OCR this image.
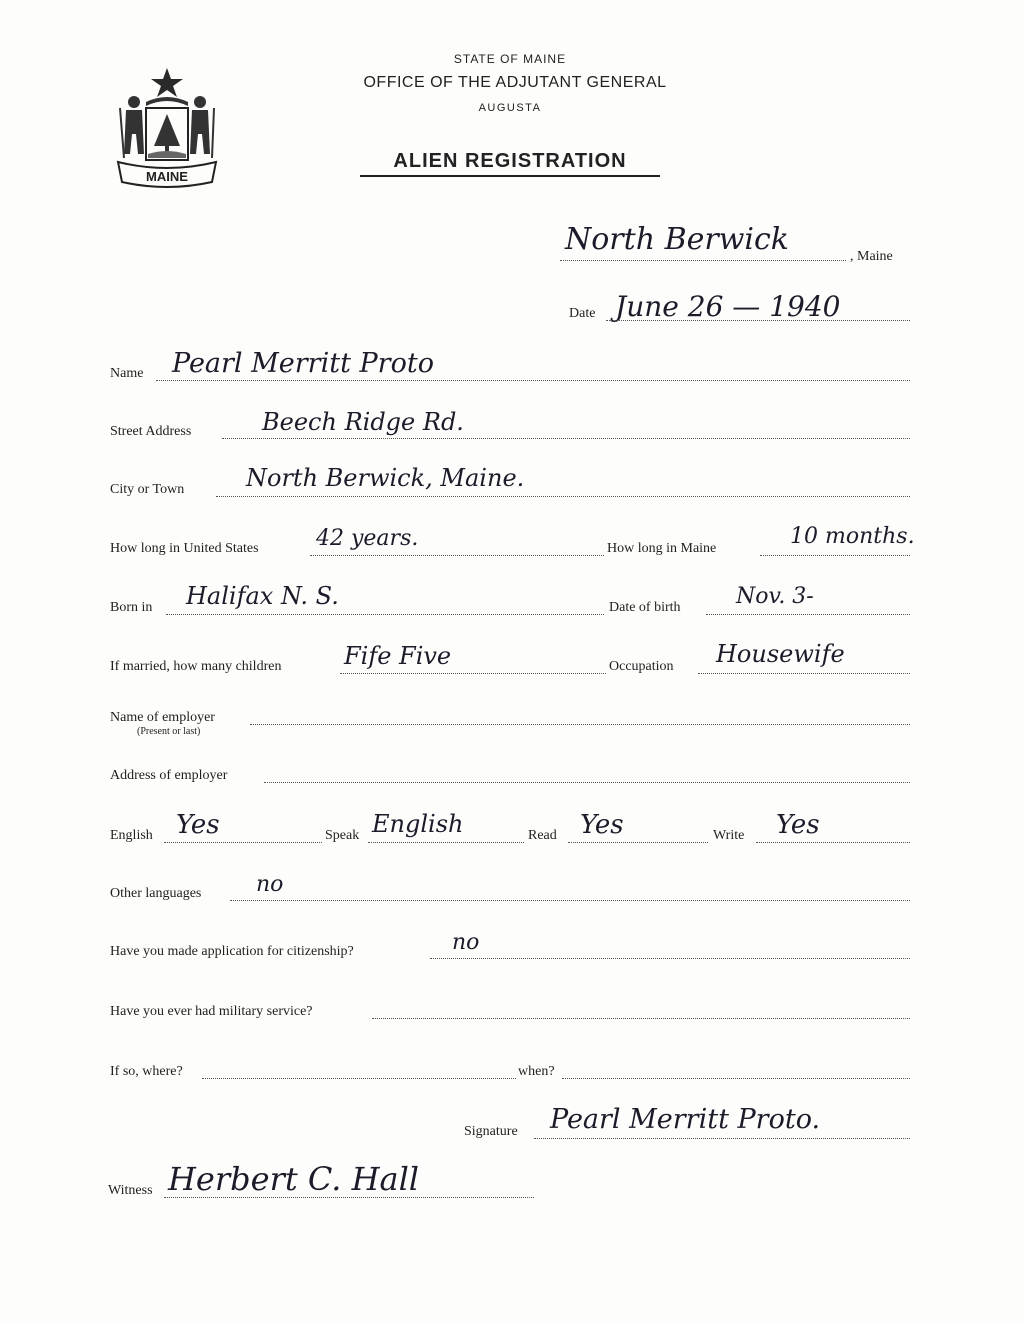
MAINE
STATE OF MAINE
OFFICE OF THE ADJUTANT GENERAL
AUGUSTA
ALIEN REGISTRATION
North Berwick	, Maine
Date June 26 — 1940
Name Pearl Merritt Proto
Street Address	Beech Ridge Rd.
City or Town	North Berwick, Maine.
How long in United States	42 years.	How long in Maine	10 months.
Born in Halifax N. S.	Date of birth	Nov. 3-
If married, how many children	Fife Five	Occupation Housewife
Name of employer
(Present or last)
Address of employer
English Yes	Speak English	Read Yes	Write Yes
Other languages no
Have you made application for citizenship?	no
Have you ever had military service?
If so, where?	when?
Signature Pearl Merritt Proto.
Witness Herbert C. Hall
